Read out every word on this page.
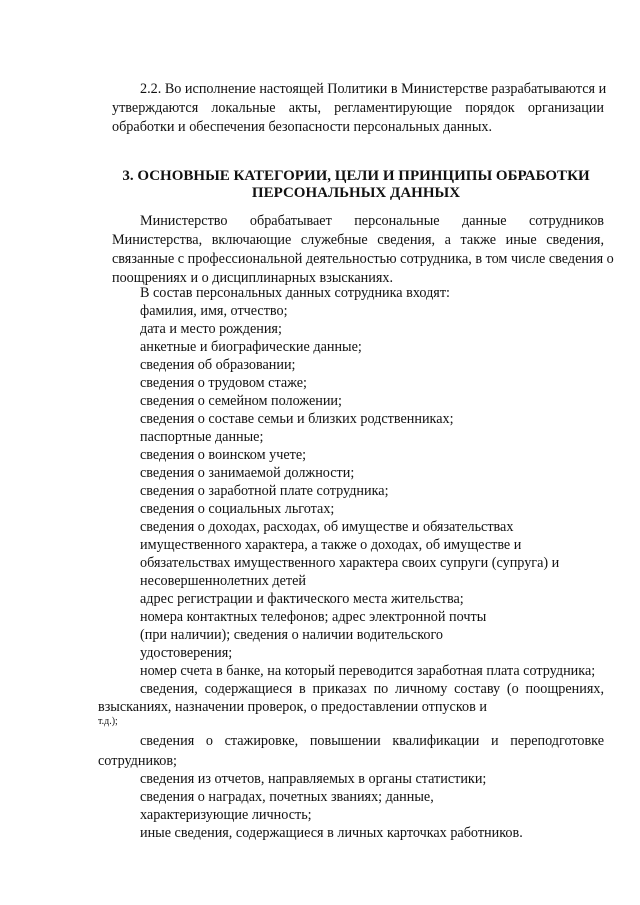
2.2. Во исполнение настоящей Политики в Министерстве разрабатываются и
утверждаются локальные акты, регламентирующие порядок организации
обработки и обеспечения безопасности персональных данных.
3. ОСНОВНЫЕ КАТЕГОРИИ, ЦЕЛИ И ПРИНЦИПЫ ОБРАБОТКИ
ПЕРСОНАЛЬНЫХ ДАННЫХ
Министерство обрабатывает персональные данные сотрудников
Министерства, включающие служебные сведения, а также иные сведения,
связанные с профессиональной деятельностью сотрудника, в том числе сведения о
поощрениях и о дисциплинарных взысканиях.
В состав персональных данных сотрудника входят:
фамилия, имя, отчество;
дата и место рождения;
анкетные и биографические данные;
сведения об образовании;
сведения о трудовом стаже;
сведения о семейном положении;
сведения о составе семьи и близких родственниках;
паспортные данные;
сведения о воинском учете;
сведения о занимаемой должности;
сведения о заработной плате сотрудника;
сведения о социальных льготах;
сведения о доходах, расходах, об имуществе и обязательствах
имущественного характера, а также о доходах, об имуществе и
обязательствах имущественного характера своих супруги (супруга) и
несовершеннолетних детей
адрес регистрации и фактического места жительства;
номера контактных телефонов; адрес электронной почты
(при наличии); сведения о наличии водительского
удостоверения;
номер счета в банке, на который переводится заработная плата сотрудника;
сведения, содержащиеся в приказах по личному составу (о поощрениях,
взысканиях, назначении проверок, о предоставлении отпусков и
т.д.);
сведения о стажировке, повышении квалификации и переподготовке
сотрудников;
сведения из отчетов, направляемых в органы статистики;
сведения о наградах, почетных званиях; данные,
характеризующие личность;
иные сведения, содержащиеся в личных карточках работников.
